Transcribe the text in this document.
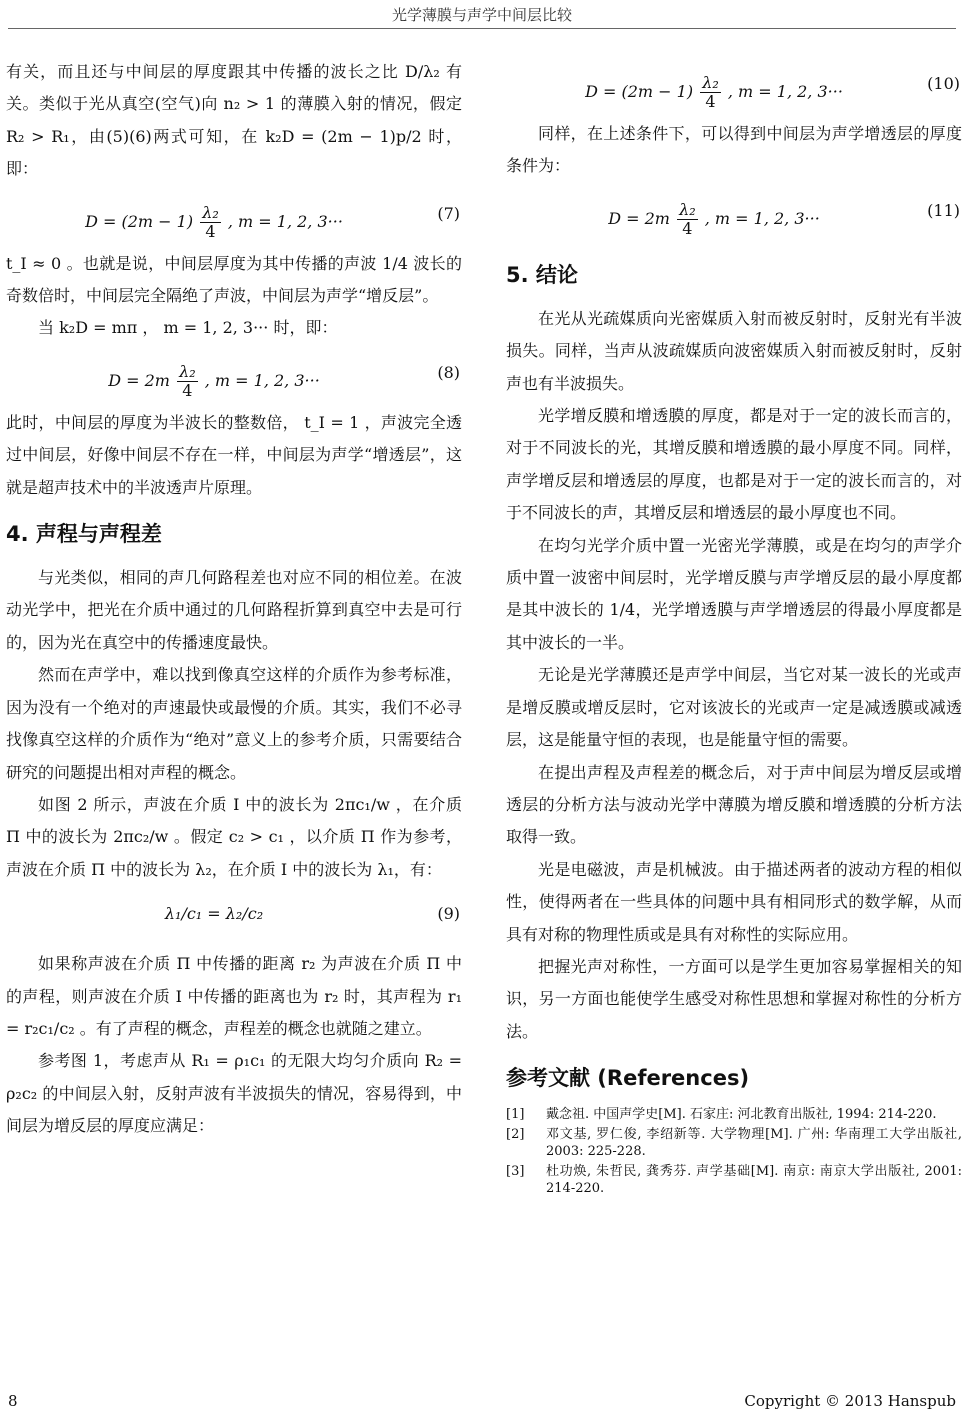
光学薄膜与声学中间层比较

有关，而且还与中间层的厚度跟其中传播的波长之比 D/λ₂ 有关。类似于光从真空(空气)向 n₂ > 1 的薄膜入射的情况，假定 R₂ > R₁，由(5)(6)两式可知，在 k₂D = (2m − 1)p/2 时，即：

$D = (2m - 1) \frac{\text{λ₂}}{4}$ , m = 1, 2, 3···	(7)

t_I ≈ 0 。也就是说，中间层厚度为其中传播的声波 1/4 波长的奇数倍时，中间层完全隔绝了声波，中间层为声学“增反层”。

当 k₂D = mπ ， m = 1, 2, 3··· 时，即：

$D = 2m \frac{\text{λ₂}}{4}$ , m = 1, 2, 3···	(8)

此时，中间层的厚度为半波长的整数倍， t_I = 1 ，声波完全透过中间层，好像中间层不存在一样，中间层为声学“增透层”，这就是超声技术中的半波透声片原理。

4. 声程与声程差

与光类似，相同的声几何路程差也对应不同的相位差。在波动光学中，把光在介质中通过的几何路程折算到真空中去是可行的，因为光在真空中的传播速度最快。

然而在声学中，难以找到像真空这样的介质作为参考标准，因为没有一个绝对的声速最快或最慢的介质。其实，我们不必寻找像真空这样的介质作为“绝对”意义上的参考介质，只需要结合研究的问题提出相对声程的概念。

如图 2 所示，声波在介质 I 中的波长为 2πc₁/w ，在介质 Π 中的波长为 2πc₂/w 。假定 c₂ > c₁ ，以介质 Π 作为参考，声波在介质 Π 中的波长为 λ₂，在介质 I 中的波长为 λ₁，有：

λ₁/c₁ = λ₂/c₂	(9)

如果称声波在介质 Π 中传播的距离 r₂ 为声波在介质 Π 中的声程，则声波在介质 I 中传播的距离也为 r₂ 时，其声程为 r₁ = r₂c₁/c₂ 。有了声程的概念，声程差的概念也就随之建立。

参考图 1，考虑声从 R₁ = ρ₁c₁ 的无限大均匀介质向 R₂ = ρ₂c₂ 的中间层入射，反射声波有半波损失的情况，容易得到，中间层为增反层的厚度应满足：

$D = (2m - 1) \frac{\text{λ₂}}{4}$ , m = 1, 2, 3···	(10)

同样，在上述条件下，可以得到中间层为声学增透层的厚度条件为：

$D = 2m \frac{\text{λ₂}}{4}$ , m = 1, 2, 3···	(11)
5. 结论

在光从光疏媒质向光密媒质入射而被反射时，反射光有半波损失。同样，当声从波疏媒质向波密媒质入射而被反射时，反射声也有半波损失。

光学增反膜和增透膜的厚度，都是对于一定的波长而言的，对于不同波长的光，其增反膜和增透膜的最小厚度不同。同样，声学增反层和增透层的厚度，也都是对于一定的波长而言的，对于不同波长的声，其增反层和增透层的最小厚度也不同。

在均匀光学介质中置一光密光学薄膜，或是在均匀的声学介质中置一波密中间层时，光学增反膜与声学增反层的最小厚度都是其中波长的 1/4，光学增透膜与声学增透层的得最小厚度都是其中波长的一半。

无论是光学薄膜还是声学中间层，当它对某一波长的光或声是增反膜或增反层时，它对该波长的光或声一定是减透膜或减透层，这是能量守恒的表现，也是能量守恒的需要。

在提出声程及声程差的概念后，对于声中间层为增反层或增透层的分析方法与波动光学中薄膜为增反膜和增透膜的分析方法取得一致。

光是电磁波，声是机械波。由于描述两者的波动方程的相似性，使得两者在一些具体的问题中具有相同形式的数学解，从而具有对称的物理性质或是具有对称性的实际应用。

把握光声对称性，一方面可以是学生更加容易掌握相关的知识，另一方面也能使学生感受对称性思想和掌握对称性的分析方法。

参考文献 (References)
[1] 戴念祖. 中国声学史[M]. 石家庄: 河北教育出版社, 1994: 214-220.
[2] 邓文基, 罗仁俊, 李绍新等. 大学物理[M]. 广州: 华南理工大学出版社, 2003: 225-228.
[3] 杜功焕, 朱哲民, 龚秀芬. 声学基础[M]. 南京: 南京大学出版社, 2001: 214-220.
8	Copyright © 2013 Hanspub
